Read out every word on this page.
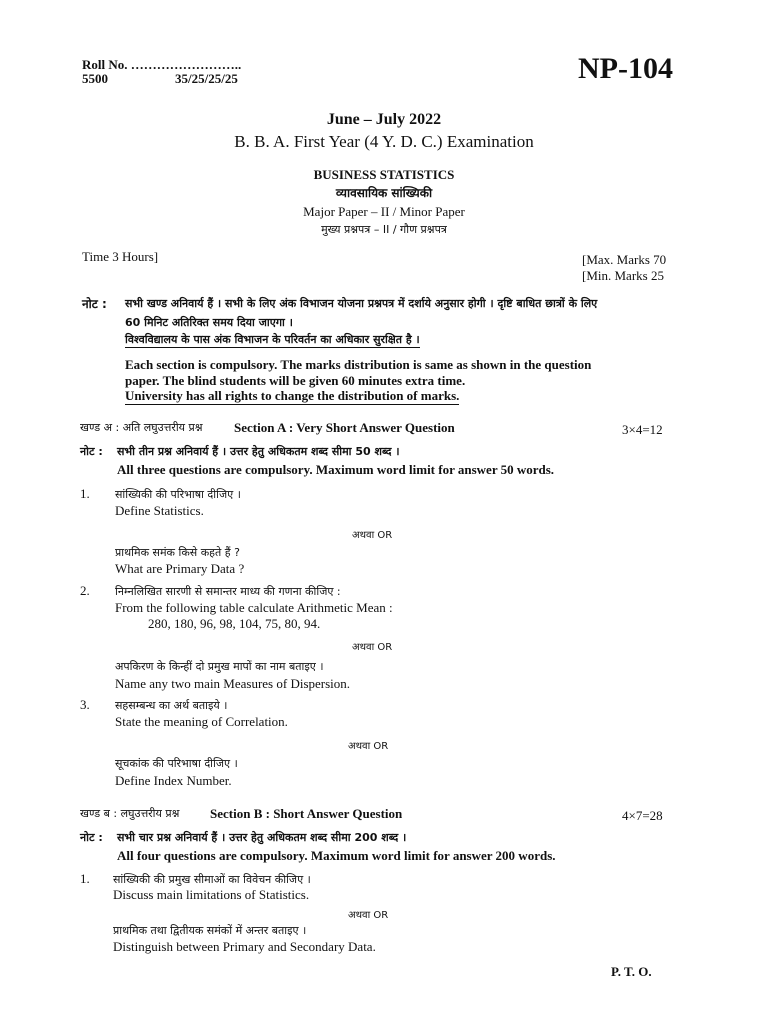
Roll No. ……………………..
5500	35/25/25/25	NP-104
June – July 2022
B. B. A. First Year (4 Y. D. C.) Examination
BUSINESS STATISTICS
व्यावसायिक सांख्यिकी
Major Paper – II / Minor Paper
मुख्य प्रश्नपत्र – II / गौण प्रश्नपत्र
Time 3 Hours]	[Max. Marks 70
[Min. Marks 25
नोट : सभी खण्ड अनिवार्य हैं । सभी के लिए अंक विभाजन योजना प्रश्नपत्र में दर्शाये अनुसार होगी । दृष्टि बाधित छात्रों के लिए
60 मिनिट अतिरिक्त समय दिया जाएगा ।
विश्वविद्यालय के पास अंक विभाजन के परिवर्तन का अधिकार सुरक्षित है ।
Each section is compulsory. The marks distribution is same as shown in the question
paper. The blind students will be given 60 minutes extra time.
University has all rights to change the distribution of marks.
खण्ड अ : अति लघुउत्तरीय प्रश्न Section A : Very Short Answer Question	3×4=12
नोट : सभी तीन प्रश्न अनिवार्य हैं । उत्तर हेतु अधिकतम शब्द सीमा 50 शब्द ।
All three questions are compulsory. Maximum word limit for answer 50 words.
1. सांख्यिकी की परिभाषा दीजिए ।
Define Statistics.
अथवा OR
प्राथमिक समंक किसे कहते हैं ?
What are Primary Data ?
2. निम्नलिखित सारणी से समान्तर माध्य की गणना कीजिए :
From the following table calculate Arithmetic Mean :
280, 180, 96, 98, 104, 75, 80, 94.
अथवा OR
अपकिरण के किन्हीं दो प्रमुख मापों का नाम बताइए ।
Name any two main Measures of Dispersion.
3. सहसम्बन्ध का अर्थ बताइये ।
State the meaning of Correlation.
अथवा OR
सूचकांक की परिभाषा दीजिए ।
Define Index Number.
खण्ड ब : लघुउत्तरीय प्रश्न Section B : Short Answer Question	4×7=28
नोट : सभी चार प्रश्न अनिवार्य हैं । उत्तर हेतु अधिकतम शब्द सीमा 200 शब्द ।
All four questions are compulsory. Maximum word limit for answer 200 words.
1. सांख्यिकी की प्रमुख सीमाओं का विवेचन कीजिए ।
Discuss main limitations of Statistics.
अथवा OR
प्राथमिक तथा द्वितीयक समंकों में अन्तर बताइए ।
Distinguish between Primary and Secondary Data.
P. T. O.
